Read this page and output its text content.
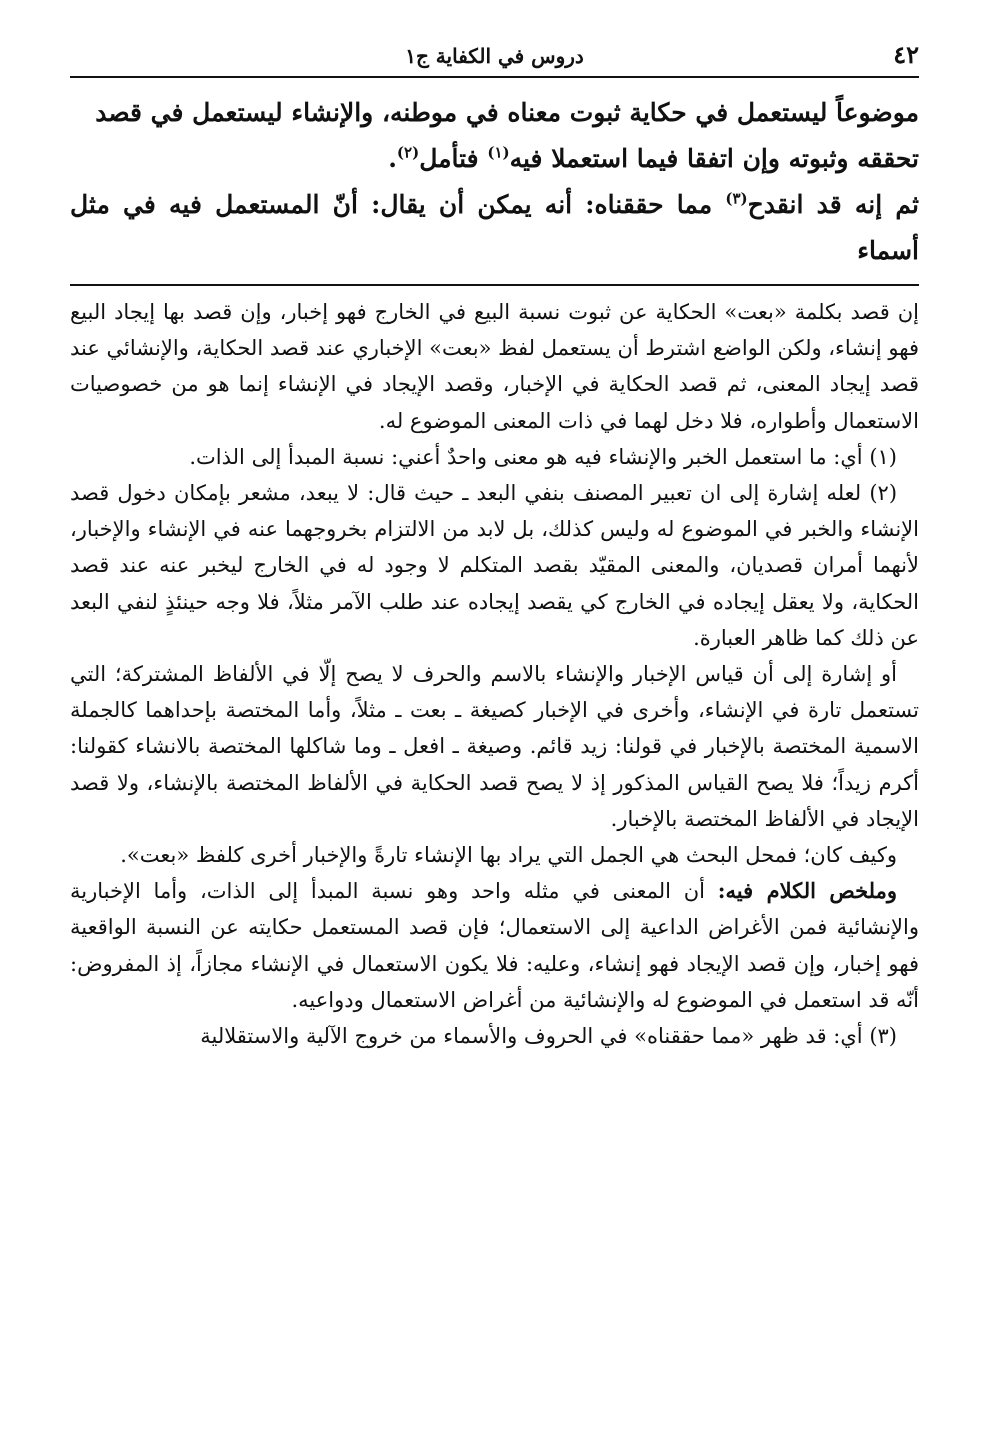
٤٢
دروس في الكفاية ج١

موضوعاً ليستعمل في حكاية ثبوت معناه في موطنه، والإنشاء ليستعمل في قصد

تحققه وثبوته وإن اتفقا فيما استعملا فيه$^{(١)}$ فتأمل$^{(٢)}$.

ثم إنه قد انقدح$^{(٣)}$ مما حققناه: أنه يمكن أن يقال: أنّ المستعمل فيه في مثل أسماء

إن قصد بكلمة «بعت» الحكاية عن ثبوت نسبة البيع في الخارج فهو إخبار، وإن قصد بها إيجاد البيع فهو إنشاء، ولكن الواضع اشترط أن يستعمل لفظ «بعت» الإخباري عند قصد الحكاية، والإنشائي عند قصد إيجاد المعنى، ثم قصد الحكاية في الإخبار، وقصد الإيجاد في الإنشاء إنما هو من خصوصيات الاستعمال وأطواره، فلا دخل لهما في ذات المعنى الموضوع له.

(١) أي: ما استعمل الخبر والإنشاء فيه هو معنى واحدٌ أعني: نسبة المبدأ إلى الذات.

(٢) لعله إشارة إلى ان تعبير المصنف بنفي البعد ـ حيث قال: لا يبعد، مشعر بإمكان دخول قصد الإنشاء والخبر في الموضوع له وليس كذلك، بل لابد من الالتزام بخروجهما عنه في الإنشاء والإخبار، لأنهما أمران قصديان، والمعنى المقيّد بقصد المتكلم لا وجود له في الخارج ليخبر عنه عند قصد الحكاية، ولا يعقل إيجاده في الخارج كي يقصد إيجاده عند طلب الآمر مثلاً، فلا وجه حينئذٍ لنفي البعد عن ذلك كما ظاهر العبارة.

أو إشارة إلى أن قياس الإخبار والإنشاء بالاسم والحرف لا يصح إلّا في الألفاظ المشتركة؛ التي تستعمل تارة في الإنشاء، وأخرى في الإخبار كصيغة ـ بعت ـ مثلاً، وأما المختصة بإحداهما كالجملة الاسمية المختصة بالإخبار في قولنا: زيد قائم. وصيغة ـ افعل ـ وما شاكلها المختصة بالانشاء كقولنا: أكرم زيداً؛ فلا يصح القياس المذكور إذ لا يصح قصد الحكاية في الألفاظ المختصة بالإنشاء، ولا قصد الإيجاد في الألفاظ المختصة بالإخبار.

وكيف كان؛ فمحل البحث هي الجمل التي يراد بها الإنشاء تارةً والإخبار أخرى كلفظ «بعت».

وملخص الكلام فيه: أن المعنى في مثله واحد وهو نسبة المبدأ إلى الذات، وأما الإخبارية والإنشائية فمن الأغراض الداعية إلى الاستعمال؛ فإن قصد المستعمل حكايته عن النسبة الواقعية فهو إخبار، وإن قصد الإيجاد فهو إنشاء، وعليه: فلا يكون الاستعمال في الإنشاء مجازاً، إذ المفروض: أنّه قد استعمل في الموضوع له والإنشائية من أغراض الاستعمال ودواعيه.

(٣) أي: قد ظهر «مما حققناه» في الحروف والأسماء من خروج الآلية والاستقلالية
